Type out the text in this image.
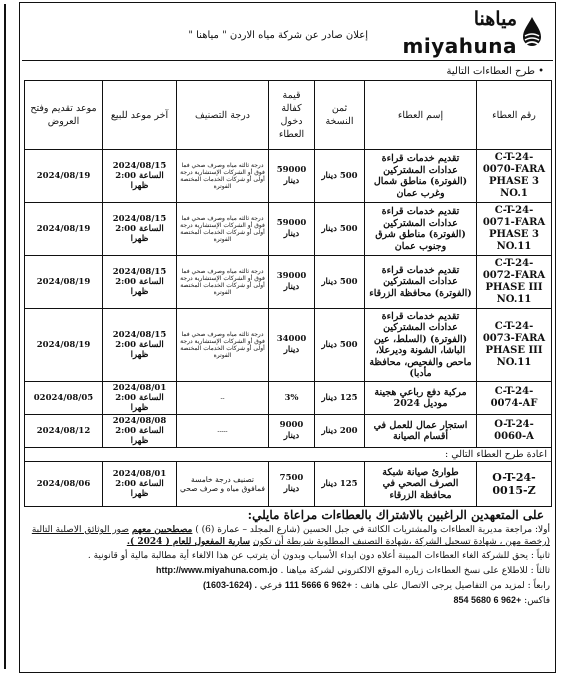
مياهنا
miyahuna
إعلان صادر عن شركة مياه الاردن " مياهنا "
• طرح العطاءات التالية
رقم العطاء	إسم العطاء	ثمن النسخة	قيمة كفالة دخول العطاء	درجة التصنيف	آخر موعد للبيع	موعد تقديم وفتح العروض
C-T-24-0070-FARA PHASE 3 NO.1	تقديم خدمات قراءة عدادات المشتركين (الفوترة) مناطق شمال وغرب عمان	500 دينار	59000 دينار	درجة ثالثه مياه وصرف صحي فما فوق أو الشركات الإستشارية درجة أولى أو شركات الخدمات المختصة الفوترة	2024/08/15 الساعة 2:00 ظهرا	2024/08/19
C-T-24-0071-FARA PHASE 3 NO.11	تقديم خدمات قراءة عدادات المشتركين (الفوترة) مناطق شرق وجنوب عمان	500 دينار	59000 دينار	درجة ثالثه مياه وصرف صحي فما فوق أو الشركات الإستشارية درجة أولى أو شركات الخدمات المختصة الفوترة	2024/08/15 الساعة 2:00 ظهرا	2024/08/19
C-T-24-0072-FARA PHASE III NO.11	تقديم خدمات قراءة عدادات المشتركين (الفوترة) محافظة الزرقاء	500 دينار	39000 دينار	درجة ثالثه مياه وصرف صحي فما فوق أو الشركات الإستشارية درجة أولى أو شركات الخدمات المختصة الفوترة	2024/08/15 الساعة 2:00 ظهرا	2024/08/19
C-T-24-0073-FARA PHASE III NO.11	تقديم خدمات قراءة عدادات المشتركين (الفوترة) (السلط، عين الباشا، الشونة وديرعلا، ماحص والفحيص، محافظة مأدبا)	500 دينار	34000 دينار	درجة ثالثه مياه وصرف صحي فما فوق أو الشركات الإستشارية درجة أولى أو شركات الخدمات المختصة الفوترة	2024/08/15 الساعة 2:00 ظهرا	2024/08/19
C-T-24-0074-AF	مركبة دفع رباعي هجينة موديل 2024	125 دينار	3%	--	2024/08/01 الساعة 2:00 ظهرا	02024/08/05
O-T-24-0060-A	استجار عمال للعمل في أقسام الصيانة	200 دينار	9000 دينار	-----	2024/08/08 الساعة 2:00 ظهرا	2024/08/12
اعادة طرح العطاء التالي :						
O-T-24-0015-Z	طوارئ صيانة شبكة الصرف الصحي في محافظة الزرقاء	125 دينار	7500 دينار	تصنيف درجة خامسة فمافوق مياه و صرف صحي	2024/08/01 الساعة 2:00 ظهرا	2024/08/06
على المتعهدين الراغبين بالاشتراك بالعطاءات مراعاة مايلي:
أولا: مراجعة مديرية العطاءات والمشتريات الكائنة في جبل الحسين (شارع المجلد – عمارة (6) ) مصطحبين معهم صور الوثائق الاصلية التالية (رخصة مهن ، شهادة تسجيل الشركة ،شهادة التصنيف المطلوبة شريطة أن تكون سارية المفعول للعام ( 2024 ).
ثانياً : يحق للشركة الغاء العطاءات المبينة أعلاه دون ابداء الأسباب وبدون أن يترتب عن هذا الالغاء أية مطالبة مالية أو قانونية .
ثالثاً : للاطلاع على نسخ العطاءات زياره الموقع الالكتروني لشركة مياهنا . http://www.miyahuna.com.jo
رابعاً : لمزيد من التفاصيل يرجى الاتصال على هاتف : 111 5666 6 962+ فرعي (1603-1624) .
فاكس: 854 5680 6 962+
